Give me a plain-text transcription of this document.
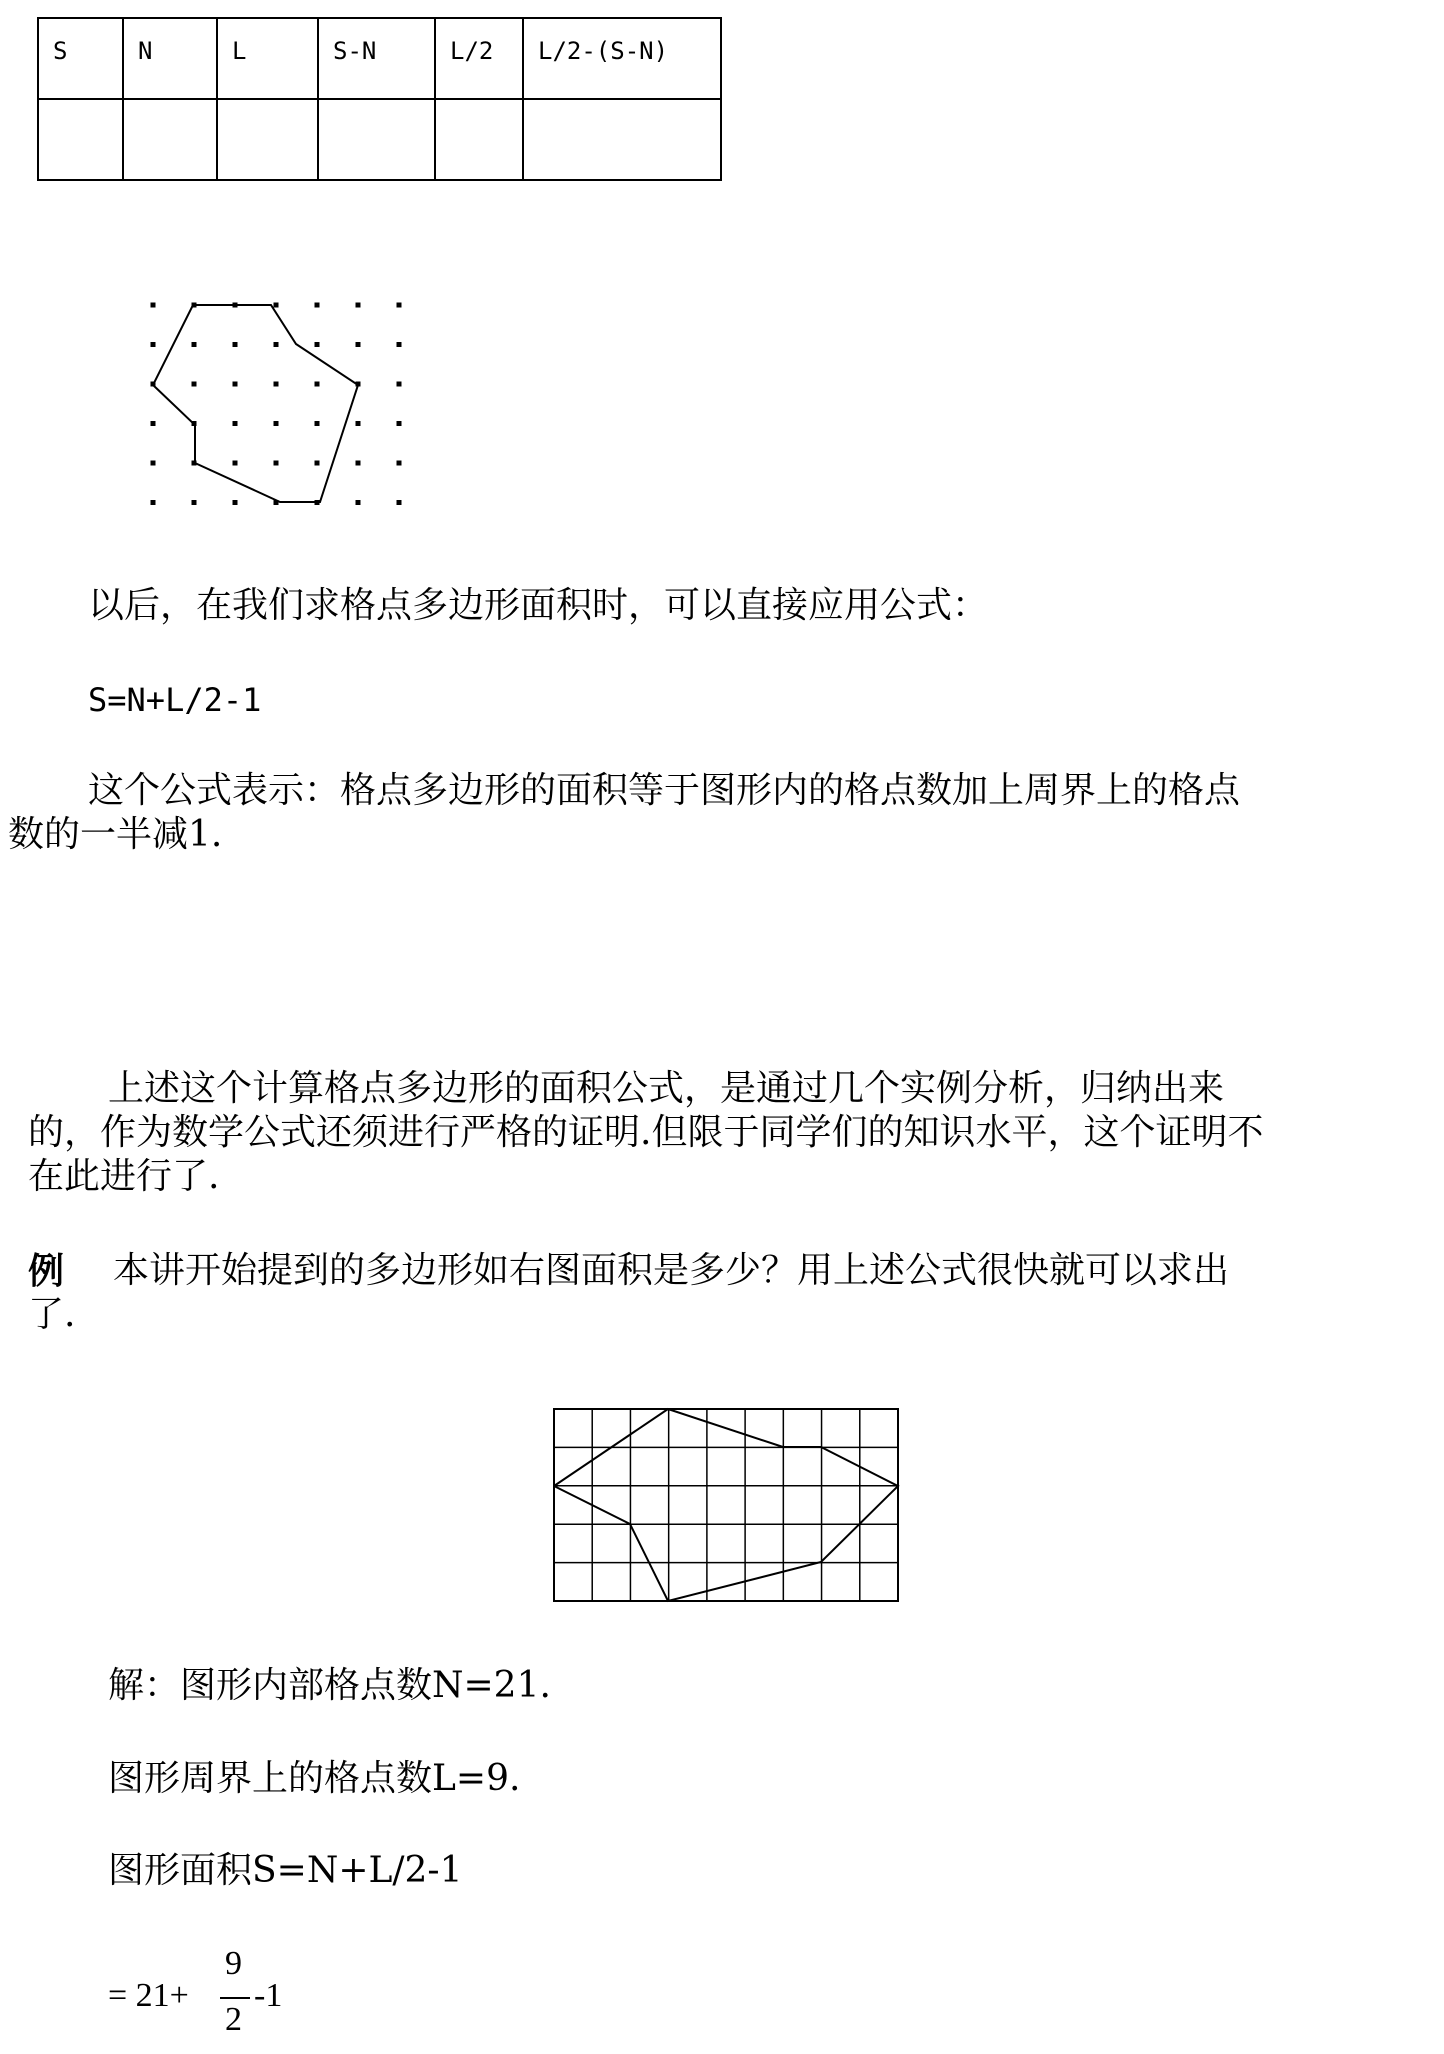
S	N	L	S-N	L/2	L/2-(S-N)

以后，在我们求格点多边形面积时，可以直接应用公式：
S=N+L/2-1
这个公式表示：格点多边形的面积等于图形内的格点数加上周界上的格点
数的一半减1.
上述这个计算格点多边形的面积公式，是通过几个实例分析，归纳出来
的，作为数学公式还须进行严格的证明.但限于同学们的知识水平，这个证明不
在此进行了.
例 本讲开始提到的多边形如右图面积是多少？用上述公式很快就可以求出
了.
解：图形内部格点数N=21.
图形周界上的格点数L=9.
图形面积S=N+L/2-1
= 21+
9
2
-1
